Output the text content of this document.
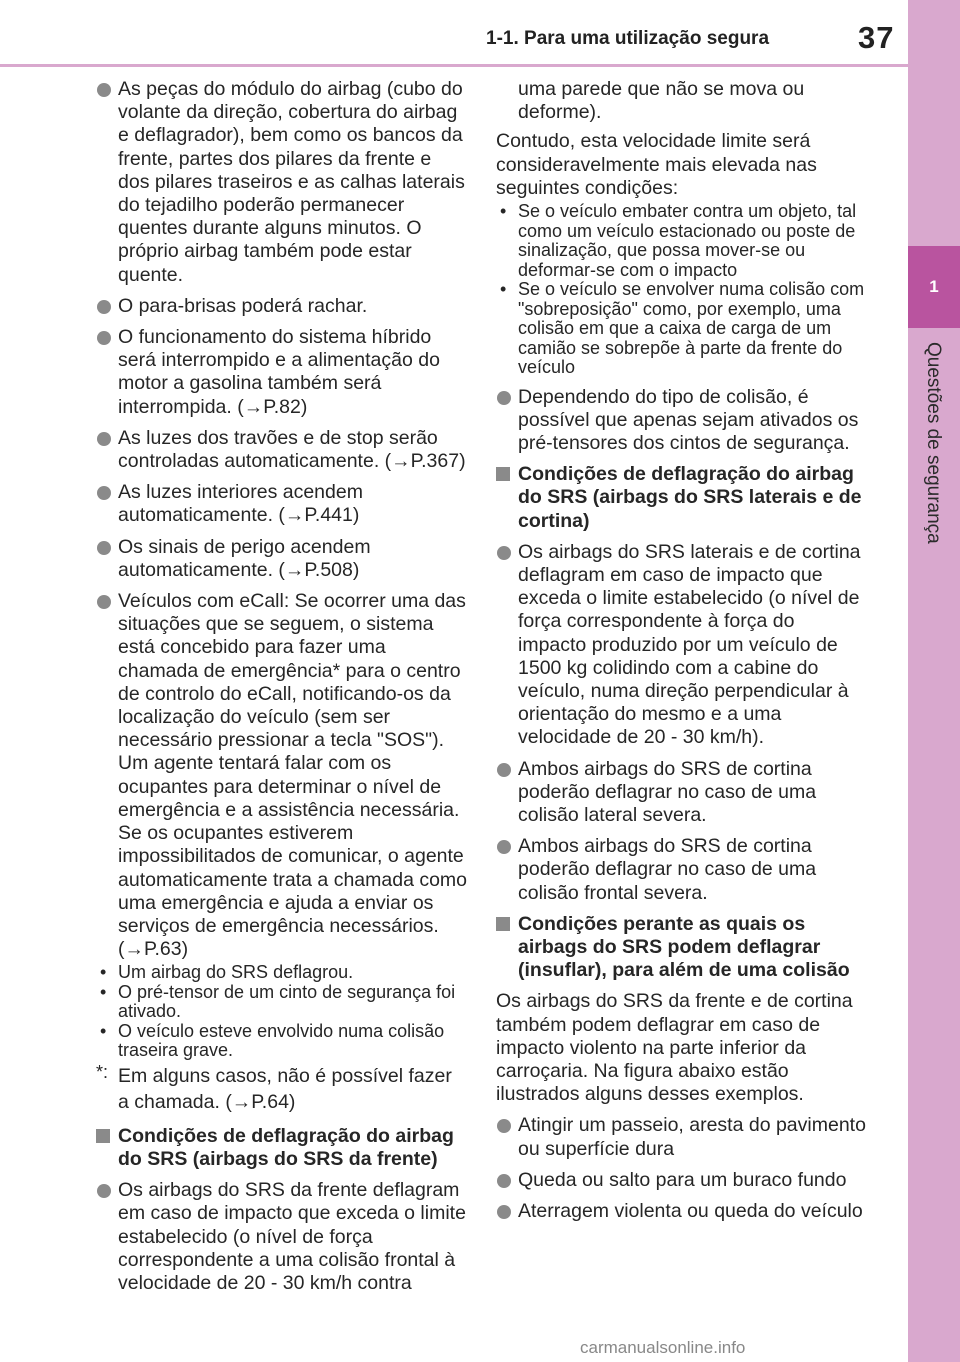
1-1. Para uma utilização segura	37
1
Questões de segurança
As peças do módulo do airbag (cubo do volante da direção, cobertura do airbag e deflagrador), bem como os bancos da frente, partes dos pilares da frente e dos pilares traseiros e as calhas laterais do tejadilho poderão permanecer quentes durante alguns minutos. O próprio airbag também pode estar quente.
O para-brisas poderá rachar.
O funcionamento do sistema híbrido será interrompido e a alimentação do motor a gasolina também será interrompida. (→P.82)
As luzes dos travões e de stop serão controladas automaticamente. (→P.367)
As luzes interiores acendem automaticamente. (→P.441)
Os sinais de perigo acendem automaticamente. (→P.508)
Veículos com eCall: Se ocorrer uma das situações que se seguem, o sistema está concebido para fazer uma chamada de emergência* para o centro de controlo do eCall, notificando-os da localização do veículo (sem ser necessário pressionar a tecla "SOS"). Um agente tentará falar com os ocupantes para determinar o nível de emergência e a assistência necessária. Se os ocupantes estiverem impossibilitados de comunicar, o agente automaticamente trata a chamada como uma emergência e ajuda a enviar os serviços de emergência necessários. (→P.63)
• Um airbag do SRS deflagrou.
• O pré-tensor de um cinto de segurança foi ativado.
• O veículo esteve envolvido numa colisão traseira grave.
*: Em alguns casos, não é possível fazer a chamada. (→P.64)
Condições de deflagração do airbag do SRS (airbags do SRS da frente)
Os airbags do SRS da frente deflagram em caso de impacto que exceda o limite estabelecido (o nível de força correspondente a uma colisão frontal à velocidade de 20 - 30 km/h contra
uma parede que não se mova ou deforme).
Contudo, esta velocidade limite será consideravelmente mais elevada nas seguintes condições:
• Se o veículo embater contra um objeto, tal como um veículo estacionado ou poste de sinalização, que possa mover-se ou deformar-se com o impacto
• Se o veículo se envolver numa colisão com "sobreposição" como, por exemplo, uma colisão em que a caixa de carga de um camião se sobrepõe à parte da frente do veículo
Dependendo do tipo de colisão, é possível que apenas sejam ativados os pré-tensores dos cintos de segurança.
Condições de deflagração do airbag do SRS (airbags do SRS laterais e de cortina)
Os airbags do SRS laterais e de cortina deflagram em caso de impacto que exceda o limite estabelecido (o nível de força correspondente à força do impacto produzido por um veículo de 1500 kg colidindo com a cabine do veículo, numa direção perpendicular à orientação do mesmo e a uma velocidade de 20 - 30 km/h).
Ambos airbags do SRS de cortina poderão deflagrar no caso de uma colisão lateral severa.
Ambos airbags do SRS de cortina poderão deflagrar no caso de uma colisão frontal severa.
Condições perante as quais os airbags do SRS podem deflagrar (insuflar), para além de uma colisão
Os airbags do SRS da frente e de cortina também podem deflagrar em caso de impacto violento na parte inferior da carroçaria. Na figura abaixo estão ilustrados alguns desses exemplos.
Atingir um passeio, aresta do pavimento ou superfície dura
Queda ou salto para um buraco fundo
Aterragem violenta ou queda do veículo
carmanualsonline.info
